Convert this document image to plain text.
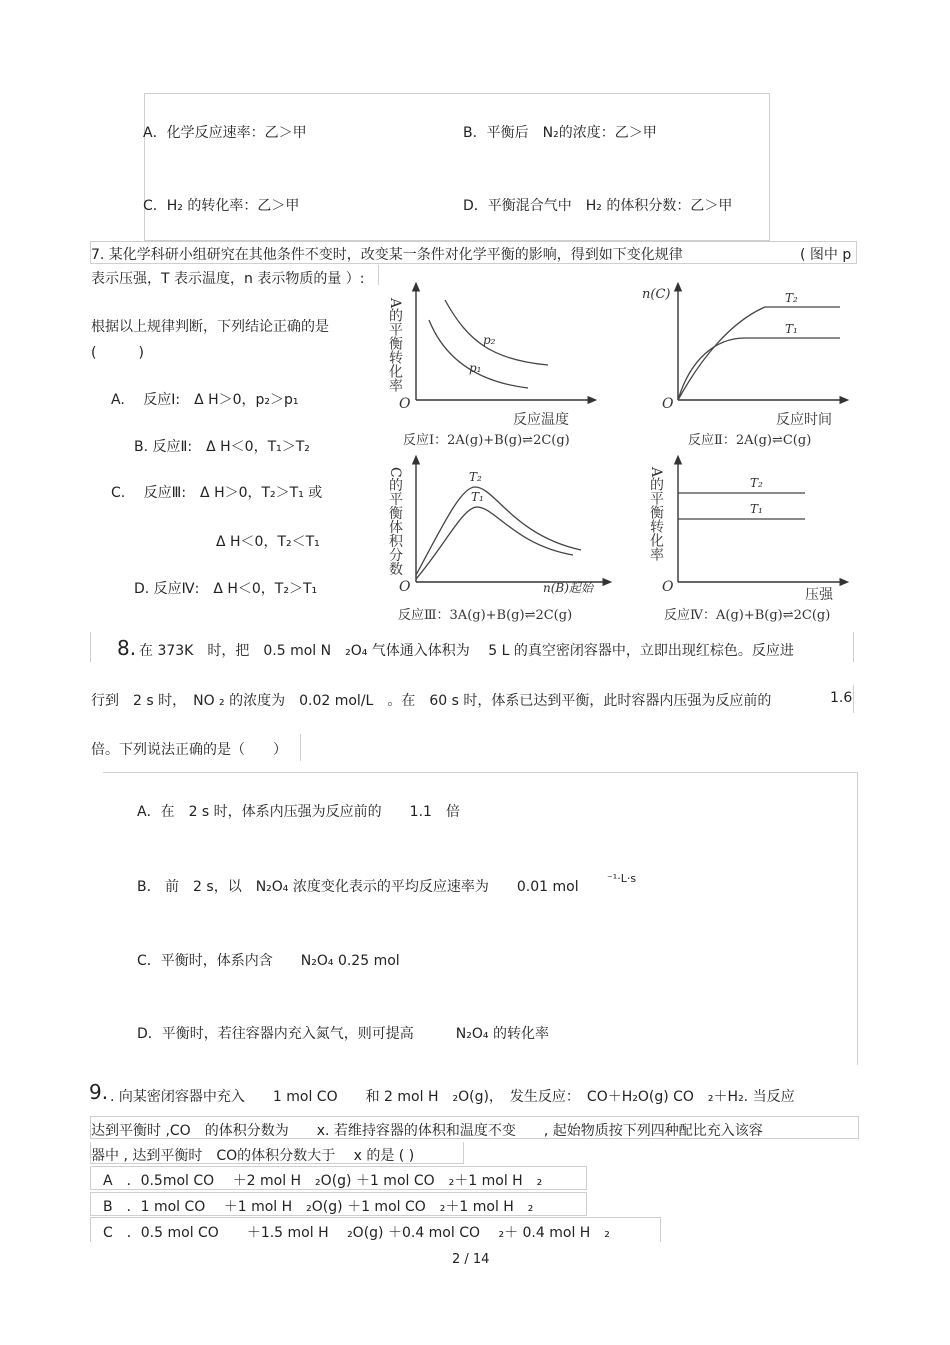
A．化学反应速率：乙＞甲	B．平衡后　N₂的浓度：乙＞甲
C．H₂ 的转化率：乙＞甲	D．平衡混合气中　H₂ 的体积分数：乙＞甲
7. 某化学科研小组研究在其他条件不变时，改变某一条件对化学平衡的影响，得到如下变化规律	( 图中 p
表示压强，T 表示温度，n 表示物质的量 ）:
根据以上规律判断，下列结论正确的是
(　　　)
A.　 反应Ⅰ:　Δ H＞0，p₂＞p₁
B. 反应Ⅱ:　Δ H＜0，T₁＞T₂
C.　 反应Ⅲ:　Δ H＞0，T₂＞T₁ 或
Δ H＜0，T₂＜T₁
D. 反应Ⅳ:　Δ H＜0，T₂＞T₁
A的平衡转化率
O
p₂
p₁
反应温度
反应Ⅰ：2A(g)+B(g)⇌2C(g)
n(C)
O
T₂
T₁
反应时间
反应Ⅱ：2A(g)⇌C(g)
C的平衡体积分数
O
T₂
T₁
n(B)起始
反应Ⅲ：3A(g)+B(g)⇌2C(g)
A的平衡转化率
O
T₂
T₁
压强
反应Ⅳ：A(g)+B(g)⇌2C(g)
8. 在 373K　时，把　0.5 mol N　₂O₄ 气体通入体积为　 5 L 的真空密闭容器中，立即出现红棕色。反应进
行到　2 s 时，　NO ₂ 的浓度为　0.02 mol/L　。在　60 s 时，体系已达到平衡，此时容器内压强为反应前的	1.6
倍。下列说法正确的是（　　）
A．在　2 s 时，体系内压强为反应前的　　1.1　倍
B.　前　2 s，以　N₂O₄ 浓度变化表示的平均反应速率为　　0.01 mol
⁻¹·L·s
C．平衡时，体系内含　　N₂O₄ 0.25 mol
D．平衡时，若往容器内充入氮气，则可提高　　　N₂O₄ 的转化率
9. . 向某密闭容器中充入　　1 mol CO　　和 2 mol H　₂O(g)，　发生反应：　CO＋H₂O(g) CO　₂＋H₂. 当反应
达到平衡时 ,CO　的体积分数为　　x. 若维持容器的体积和温度不变　　, 起始物质按下列四种配比充入该容
器中 , 达到平衡时　CO的体积分数大于　 x 的是 ( )
A　．0.5mol CO　 ＋2 mol H　₂O(g) ＋1 mol CO　₂＋1 mol H　₂
B　．1 mol CO　 ＋1 mol H　₂O(g) ＋1 mol CO　₂＋1 mol H　₂
C　．0.5 mol CO　　＋1.5 mol H　 ₂O(g) ＋0.4 mol CO　 ₂＋ 0.4 mol H　₂
2 / 14
